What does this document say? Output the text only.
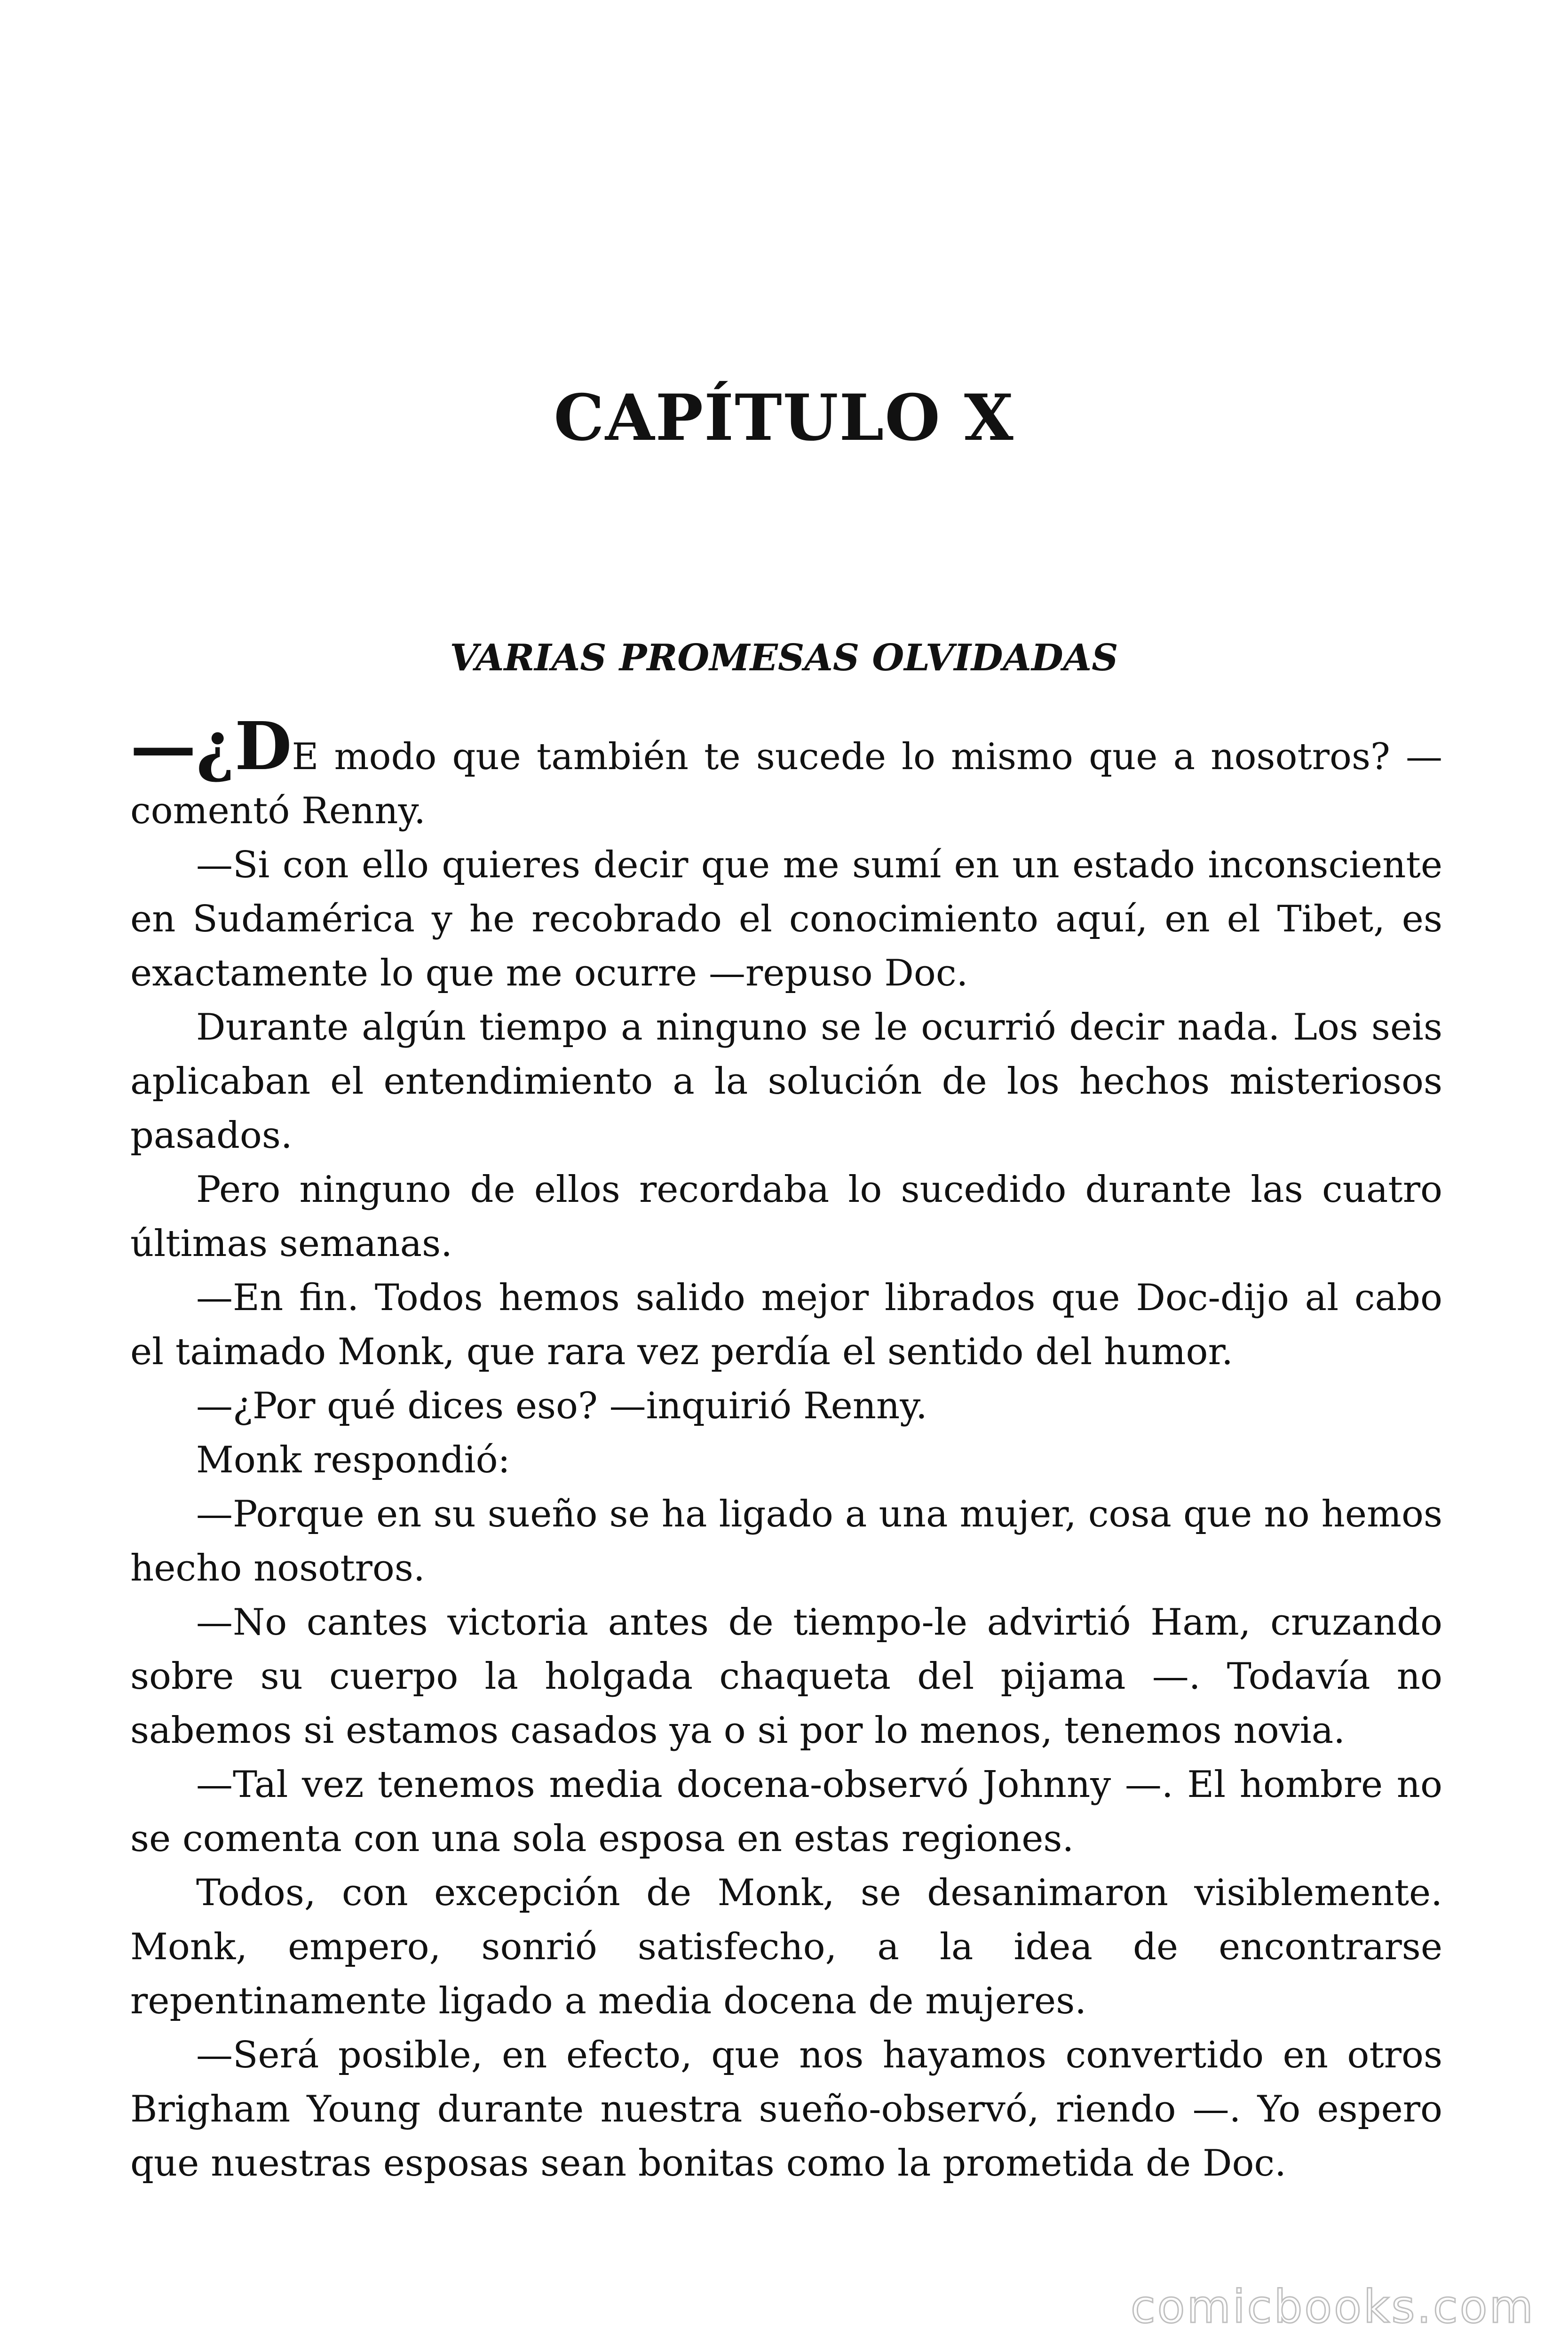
CAPÍTULO X
VARIAS PROMESAS OLVIDADAS

—¿DE modo que también te sucede lo mismo que a nosotros? —comentó Renny.

—Si con ello quieres decir que me sumí en un estado inconsciente en Sudamérica y he recobrado el conocimiento aquí, en el Tibet, es exactamente lo que me ocurre —repuso Doc.

Durante algún tiempo a ninguno se le ocurrió decir nada. Los seis aplicaban el entendimiento a la solución de los hechos misteriosos pasados.

Pero ninguno de ellos recordaba lo sucedido durante las cuatro últimas semanas.

—En fin. Todos hemos salido mejor librados que Doc-dijo al cabo el taimado Monk, que rara vez perdía el sentido del humor.

—¿Por qué dices eso? —inquirió Renny.

Monk respondió:

—Porque en su sueño se ha ligado a una mujer, cosa que no hemos hecho nosotros.

—No cantes victoria antes de tiempo-le advirtió Ham, cruzando sobre su cuerpo la holgada chaqueta del pijama —. Todavía no sabemos si estamos casados ya o si por lo menos, tenemos novia.

—Tal vez tenemos media docena-observó Johnny —. El hombre no se comenta con una sola esposa en estas regiones.

Todos, con excepción de Monk, se desanimaron visiblemente. Monk, empero, sonrió satisfecho, a la idea de encontrarse repentinamente ligado a media docena de mujeres.

—Será posible, en efecto, que nos hayamos convertido en otros Brigham Young durante nuestra sueño-observó, riendo —. Yo espero que nuestras esposas sean bonitas como la prometida de Doc.

comicbooks.com
